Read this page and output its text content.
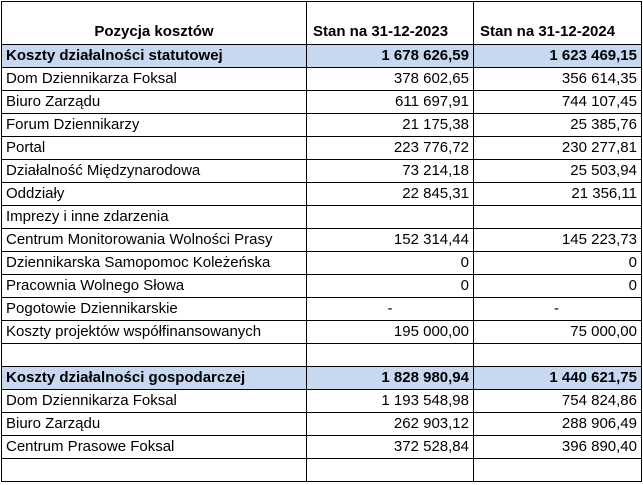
Pozycja kosztów	Stan na 31-12-2023	Stan na 31-12-2024
Koszty działalności statutowej	1 678 626,59	1 623 469,15
Dom Dziennikarza Foksal	378 602,65	356 614,35
Biuro Zarządu	611 697,91	744 107,45
Forum Dziennikarzy	21 175,38	25 385,76
Portal	223 776,72	230 277,81
Działalność Międzynarodowa	73 214,18	25 503,94
Oddziały	22 845,31	21 356,11
Imprezy i inne zdarzenia		
Centrum Monitorowania Wolności Prasy	152 314,44	145 223,73
Dziennikarska Samopomoc Koleżeńska	0	0
Pracownia Wolnego Słowa	0	0
Pogotowie Dziennikarskie	-	-
Koszty projektów współfinansowanych	195 000,00	75 000,00

Koszty działalności gospodarczej	1 828 980,94	1 440 621,75
Dom Dziennikarza Foksal	1 193 548,98	754 824,86
Biuro Zarządu	262 903,12	288 906,49
Centrum Prasowe Foksal	372 528,84	396 890,40
